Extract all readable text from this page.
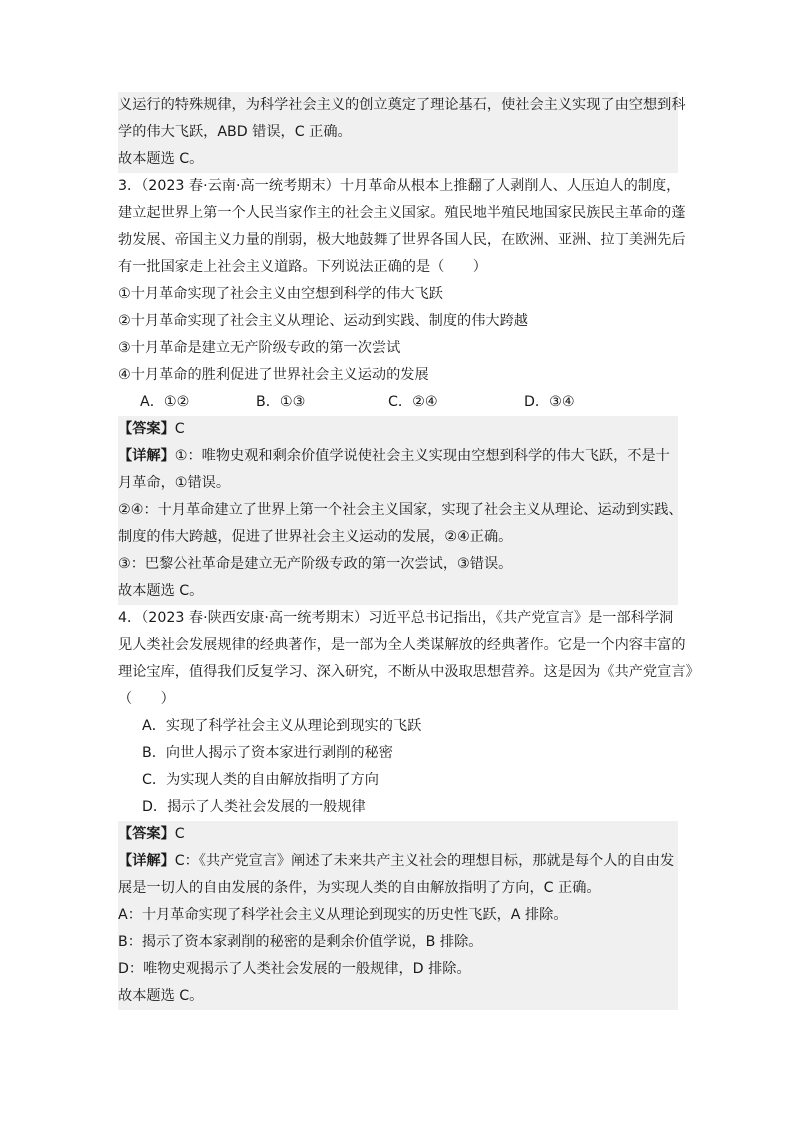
义运行的特殊规律，为科学社会主义的创立奠定了理论基石，使社会主义实现了由空想到科
学的伟大飞跃，ABD 错误，C 正确。
故本题选 C。
3．（2023 春·云南·高一统考期末）十月革命从根本上推翻了人剥削人、人压迫人的制度，
建立起世界上第一个人民当家作主的社会主义国家。殖民地半殖民地国家民族民主革命的蓬
勃发展、帝国主义力量的削弱，极大地鼓舞了世界各国人民，在欧洲、亚洲、拉丁美洲先后
有一批国家走上社会主义道路。下列说法正确的是（　　）
①十月革命实现了社会主义由空想到科学的伟大飞跃
②十月革命实现了社会主义从理论、运动到实践、制度的伟大跨越
③十月革命是建立无产阶级专政的第一次尝试
④十月革命的胜利促进了世界社会主义运动的发展
A．①②	B．①③	C．②④	D．③④
【答案】C
【详解】①：唯物史观和剩余价值学说使社会主义实现由空想到科学的伟大飞跃，不是十
月革命，①错误。
②④：十月革命建立了世界上第一个社会主义国家，实现了社会主义从理论、运动到实践、
制度的伟大跨越，促进了世界社会主义运动的发展，②④正确。
③：巴黎公社革命是建立无产阶级专政的第一次尝试，③错误。
故本题选 C。
4．（2023 春·陕西安康·高一统考期末）习近平总书记指出，《共产党宣言》是一部科学洞
见人类社会发展规律的经典著作，是一部为全人类谋解放的经典著作。它是一个内容丰富的
理论宝库，值得我们反复学习、深入研究，不断从中汲取思想营养。这是因为《共产党宣言》
（　　）
A．实现了科学社会主义从理论到现实的飞跃
B．向世人揭示了资本家进行剥削的秘密
C．为实现人类的自由解放指明了方向
D．揭示了人类社会发展的一般规律
【答案】C
【详解】C：《共产党宣言》阐述了未来共产主义社会的理想目标，那就是每个人的自由发
展是一切人的自由发展的条件，为实现人类的自由解放指明了方向，C 正确。
A：十月革命实现了科学社会主义从理论到现实的历史性飞跃，A 排除。
B：揭示了资本家剥削的秘密的是剩余价值学说，B 排除。
D：唯物史观揭示了人类社会发展的一般规律，D 排除。
故本题选 C。
